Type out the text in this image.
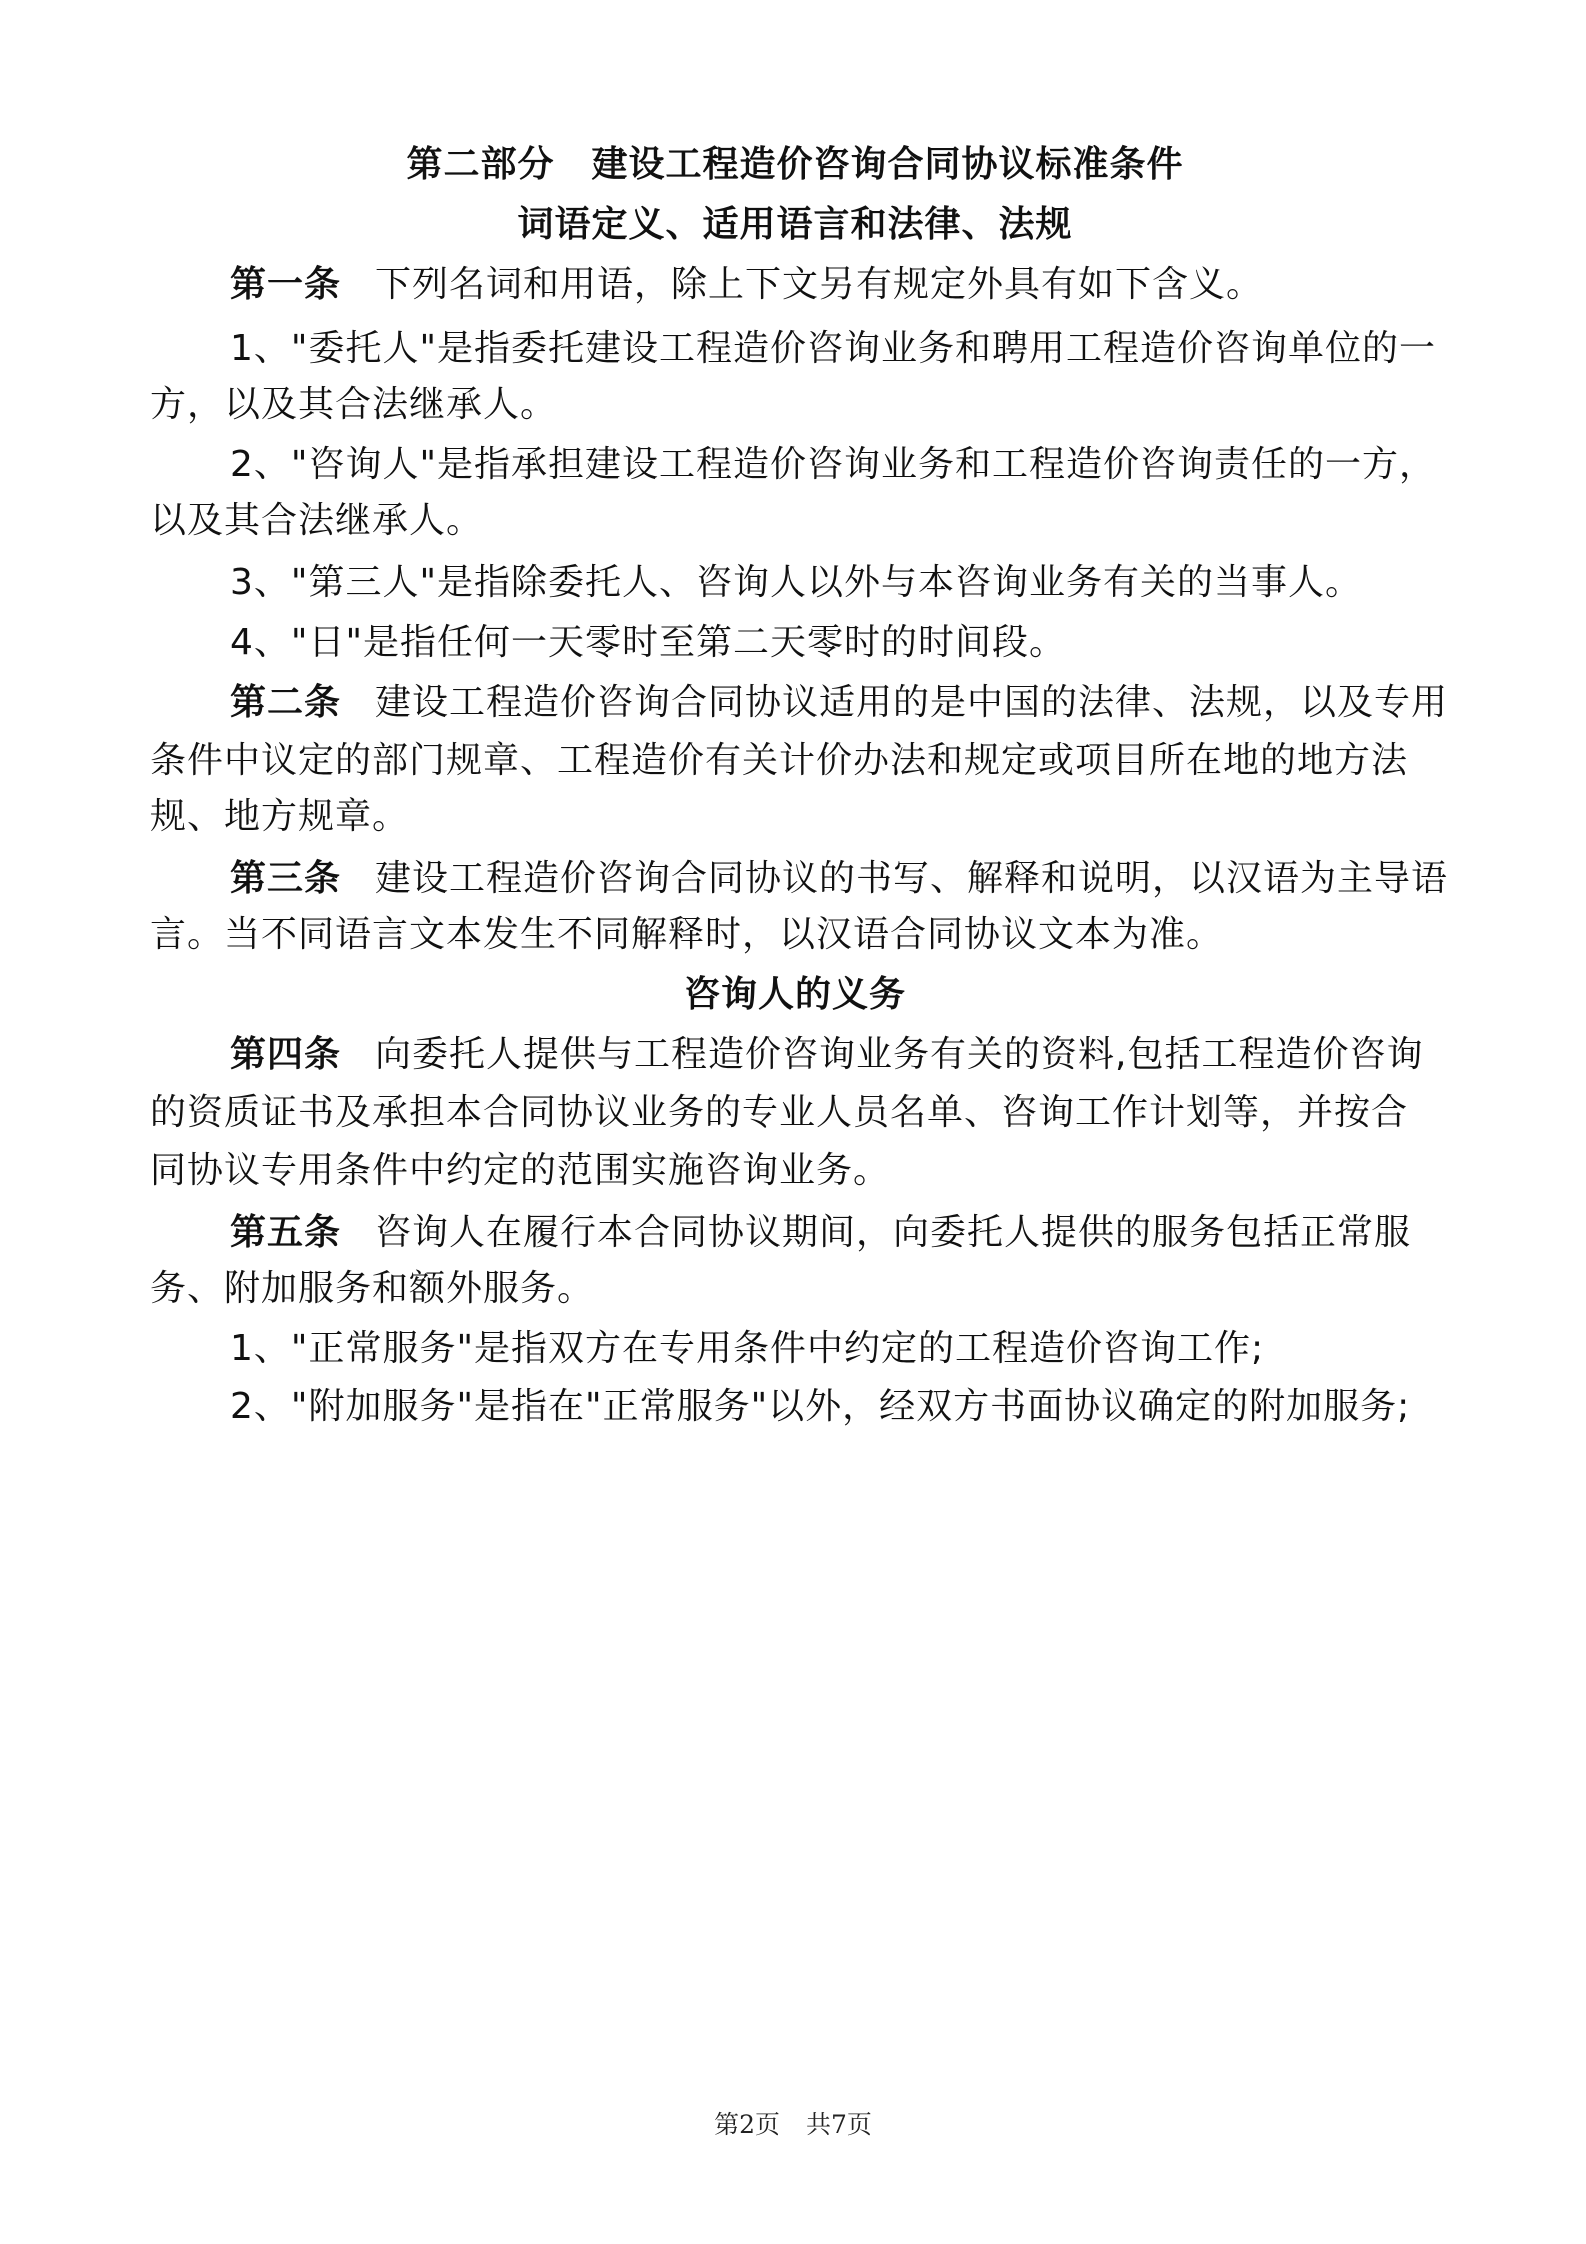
第二部分　建设工程造价咨询合同协议标准条件
词语定义、适用语言和法律、法规
第一条 下列名词和用语，除上下文另有规定外具有如下含义。
1、"委托人"是指委托建设工程造价咨询业务和聘用工程造价咨询单位的一
方，以及其合法继承人。
2、"咨询人"是指承担建设工程造价咨询业务和工程造价咨询责任的一方，
以及其合法继承人。
3、"第三人"是指除委托人、咨询人以外与本咨询业务有关的当事人。
4、"日"是指任何一天零时至第二天零时的时间段。
第二条 建设工程造价咨询合同协议适用的是中国的法律、法规，以及专用
条件中议定的部门规章、工程造价有关计价办法和规定或项目所在地的地方法
规、地方规章。
第三条 建设工程造价咨询合同协议的书写、解释和说明，以汉语为主导语
言。当不同语言文本发生不同解释时，以汉语合同协议文本为准。
咨询人的义务
第四条 向委托人提供与工程造价咨询业务有关的资料,包括工程造价咨询
的资质证书及承担本合同协议业务的专业人员名单、咨询工作计划等，并按合
同协议专用条件中约定的范围实施咨询业务。
第五条 咨询人在履行本合同协议期间，向委托人提供的服务包括正常服
务、附加服务和额外服务。
1、"正常服务"是指双方在专用条件中约定的工程造价咨询工作;
2、"附加服务"是指在"正常服务"以外，经双方书面协议确定的附加服务;
第2页 共7页
